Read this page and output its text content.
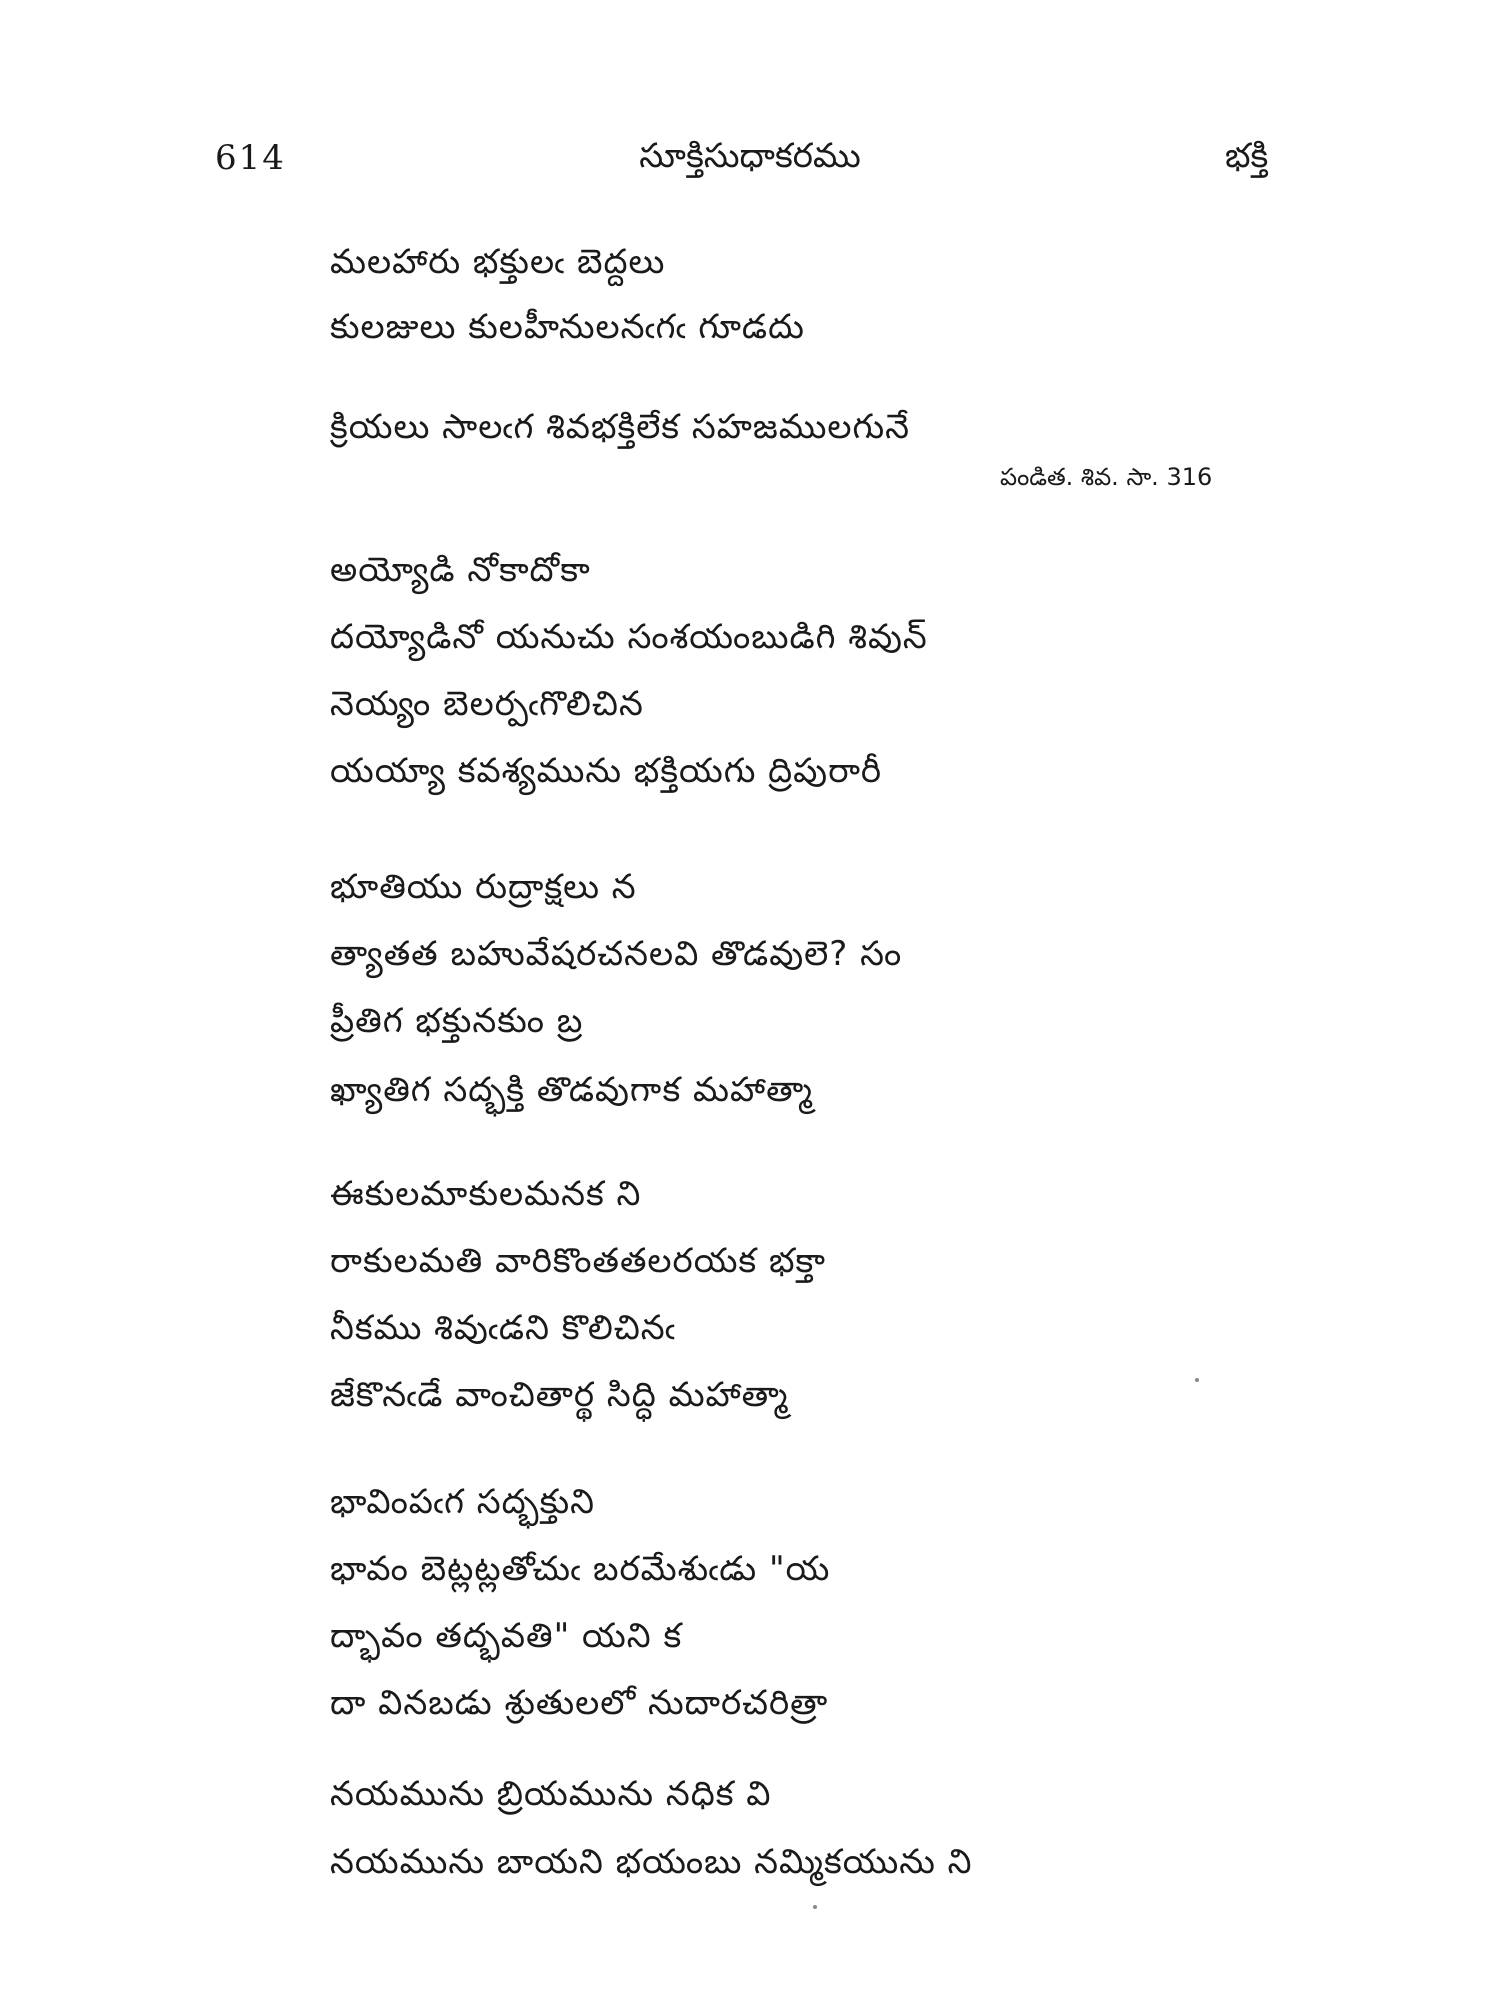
614	సూక్తిసుధాకరము	భక్తి
మలహారు భక్తులఁ బెద్దలు
కులజులు కులహీనులనఁగఁ గూడదు
క్రియలు సాలఁగ శివభక్తిలేక సహజములగునే
పండిత. శివ. సా. 316
అయ్యోడి నోకాదోకా
దయ్యోడినో యనుచు సంశయంబుడిగి శివున్
నెయ్యం బెలర్పఁగొలిచిన
యయ్యా కవశ్యమును భక్తియగు ద్రిపురారీ
భూతియు రుద్రాక్షలు న
త్యాతత బహువేషరచనలవి తొడవులె? సం
ప్రీతిగ భక్తునకుం బ్ర
ఖ్యాతిగ సద్భక్తి తొడవుగాక మహాత్మా
ఈకులమాకులమనక ని
రాకులమతి వారికొంతతలరయక భక్తా
నీకము శివుఁడని కొలిచినఁ
జేకొనఁడే వాంచితార్థ సిద్ధి మహాత్మా
భావింపఁగ సద్భక్తుని
భావం బెట్లట్లతోచుఁ బరమేశుఁడు "య
ద్భావం తద్భవతి" యని క
దా వినబడు శ్రుతులలో నుదారచరిత్రా
నయమును బ్రియమును నధిక వి
నయమును బాయని భయంబు నమ్మికయును ని
